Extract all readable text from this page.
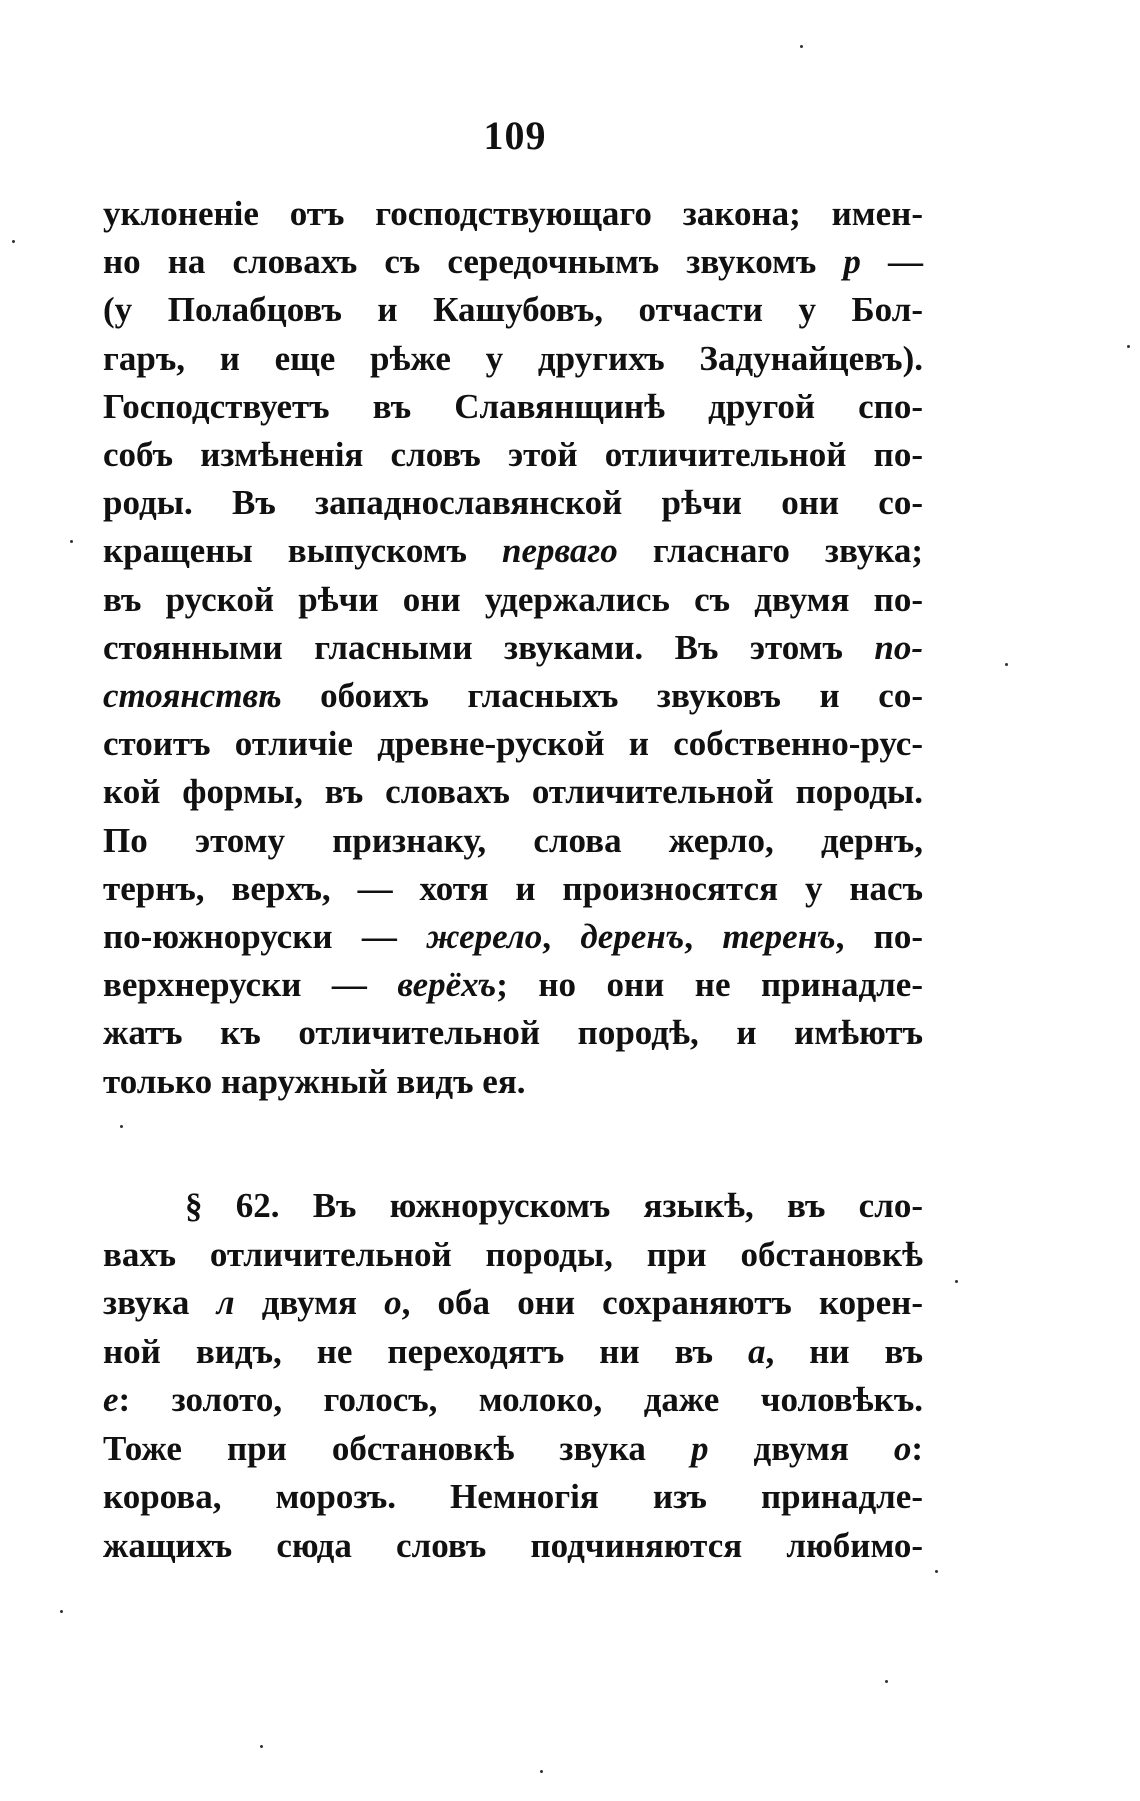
109
уклоненіе отъ господствующаго закона; имен-
но на словахъ съ середочнымъ звукомъ р —
(у Полабцовъ и Кашубовъ, отчасти у Бол-
гаръ, и еще рѣже у другихъ Задунайцевъ).
Господствуетъ въ Славянщинѣ другой спо-
собъ измѣненія словъ этой отличительной по-
роды. Въ западнославянской рѣчи они со-
кращены выпускомъ перваго гласнаго звука;
въ руской рѣчи они удержались съ двумя по-
стоянными гласными звуками. Въ этомъ по-
стоянствѣ обоихъ гласныхъ звуковъ и со-
стоитъ отличіе древне-руской и собственно-рус-
кой формы, въ словахъ отличительной породы.
По этому признаку, слова жерло, дернъ,
тернъ, верхъ, — хотя и произносятся у насъ
по-южноруски — жерело, деренъ, теренъ, по-
верхнеруски — верёхъ; но они не принадле-
жатъ къ отличительной породѣ, и имѣютъ
только наружный видъ ея.
§ 62. Въ южнорускомъ языкѣ, въ сло-
вахъ отличительной породы, при обстановкѣ
звука л двумя о, оба они сохраняютъ корен-
ной видъ, не переходятъ ни въ а, ни въ
е: золото, голосъ, молоко, даже чоловѣкъ.
Тоже при обстановкѣ звука р двумя о:
корова, морозъ. Немногія изъ принадле-
жащихъ сюда словъ подчиняются любимо-
